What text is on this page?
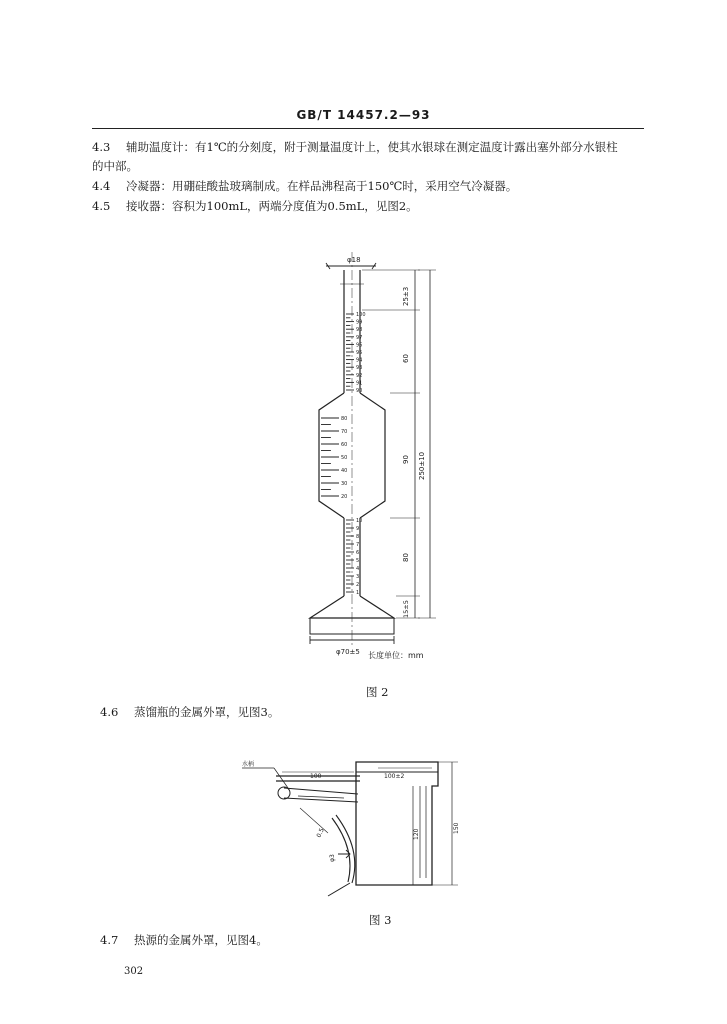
GB/T 14457.2—93
4.3 辅助温度计：有1℃的分刻度，附于测量温度计上，使其水银球在测定温度计露出塞外部分水银柱
的中部。
4.4 冷凝器：用硼硅酸盐玻璃制成。在样品沸程高于150℃时，采用空气冷凝器。
4.5 接收器：容积为100mL，两端分度值为0.5mL，见图2。
100
99
98
97
96
95
94
93
92
91
90
80
70
60
50
40
30
20
10
9
8
7
6
5
4
3
2
1
φ18
φ70±5
25±3
60
90
80
15±5
250±10
长度单位：mm
图 2
4.6 蒸馏瓶的金属外罩，见图3。
水柄
100	100±2
120
150
0.5
φ3
图 3
4.7 热源的金属外罩，见图4。
302
